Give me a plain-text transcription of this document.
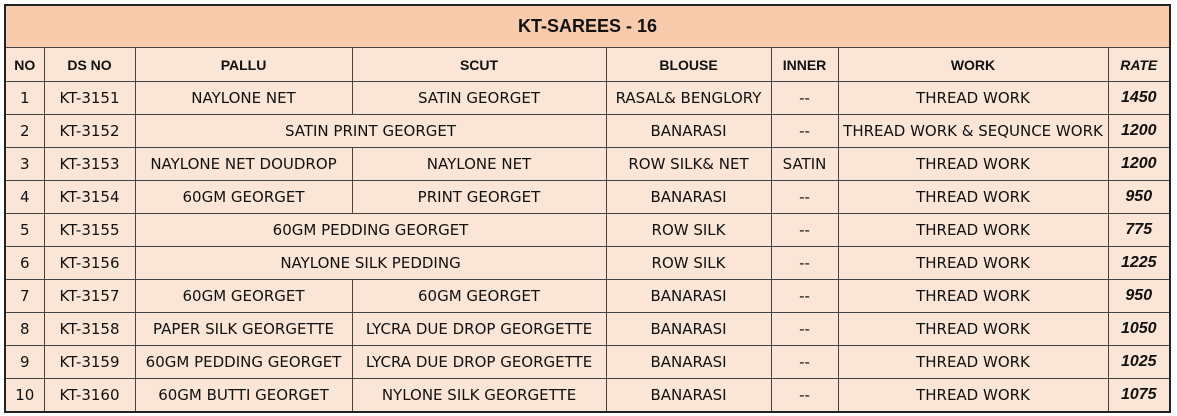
KT-SAREES - 16
NO	DS NO	PALLU	SCUT	BLOUSE	INNER	WORK	RATE
1	KT-3151	NAYLONE NET	SATIN GEORGET	RASAL& BENGLORY	--	THREAD WORK	1450
2	KT-3152	SATIN PRINT GEORGET		BANARASI	--	THREAD WORK & SEQUNCE WORK	1200
3	KT-3153	NAYLONE NET DOUDROP	NAYLONE NET	ROW SILK& NET	SATIN	THREAD WORK	1200
4	KT-3154	60GM GEORGET	PRINT GEORGET	BANARASI	--	THREAD WORK	950
5	KT-3155	60GM PEDDING GEORGET		ROW SILK	--	THREAD WORK	775
6	KT-3156	NAYLONE SILK PEDDING		ROW SILK	--	THREAD WORK	1225
7	KT-3157	60GM GEORGET	60GM GEORGET	BANARASI	--	THREAD WORK	950
8	KT-3158	PAPER SILK GEORGETTE	LYCRA DUE DROP GEORGETTE	BANARASI	--	THREAD WORK	1050
9	KT-3159	60GM PEDDING GEORGET	LYCRA DUE DROP GEORGETTE	BANARASI	--	THREAD WORK	1025
10	KT-3160	60GM BUTTI GEORGET	NYLONE SILK GEORGETTE	BANARASI	--	THREAD WORK	1075
